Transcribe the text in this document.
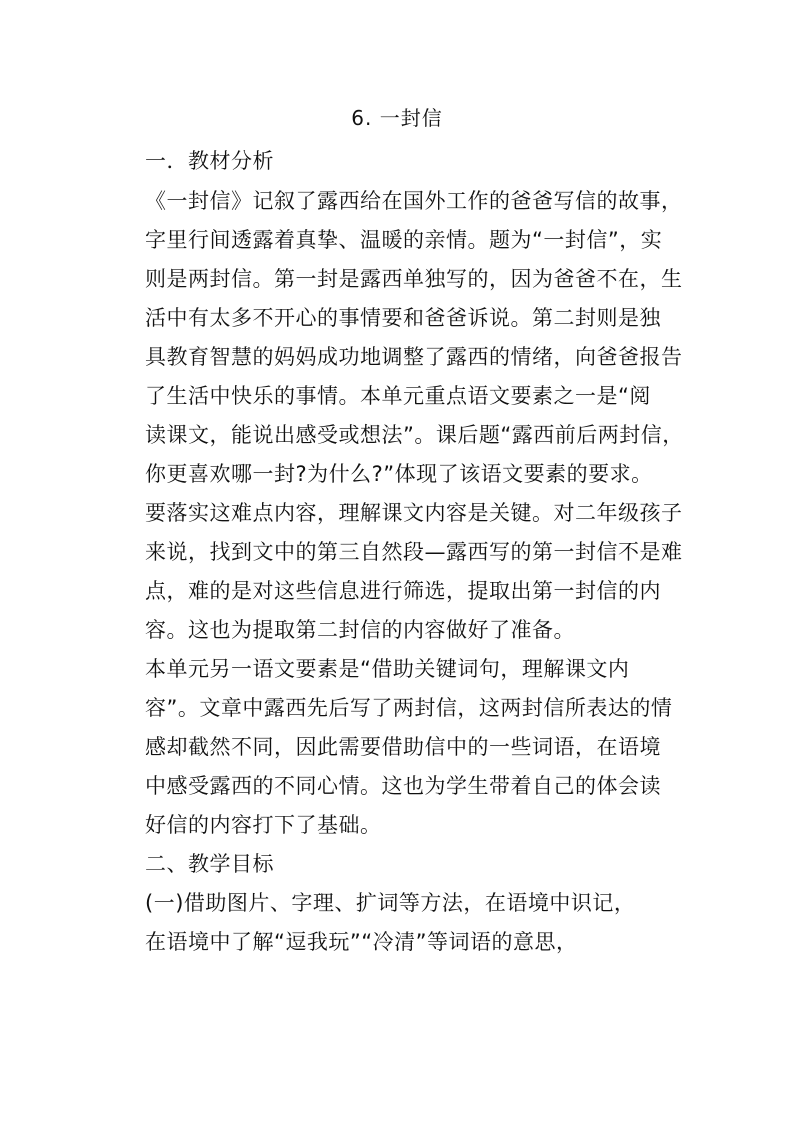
6. 一封信
一．教材分析
《一封信》记叙了露西给在国外工作的爸爸写信的故事，
字里行间透露着真挚、温暖的亲情。题为“一封信”，实
则是两封信。第一封是露西单独写的，因为爸爸不在，生
活中有太多不开心的事情要和爸爸诉说。第二封则是独
具教育智慧的妈妈成功地调整了露西的情绪，向爸爸报告
了生活中快乐的事情。本单元重点语文要素之一是“阅
读课文，能说出感受或想法”。课后题“露西前后两封信，
你更喜欢哪一封?为什么?”体现了该语文要素的要求。
要落实这难点内容，理解课文内容是关键。对二年级孩子
来说，找到文中的第三自然段—露西写的第一封信不是难
点，难的是对这些信息进行筛选，提取出第一封信的内
容。这也为提取第二封信的内容做好了准备。
本单元另一语文要素是“借助关键词句，理解课文内
容”。文章中露西先后写了两封信，这两封信所表达的情
感却截然不同，因此需要借助信中的一些词语，在语境
中感受露西的不同心情。这也为学生带着自己的体会读
好信的内容打下了基础。
二、教学目标
(一)借助图片、字理、扩词等方法，在语境中识记，
在语境中了解“逗我玩”“冷清”等词语的意思，
